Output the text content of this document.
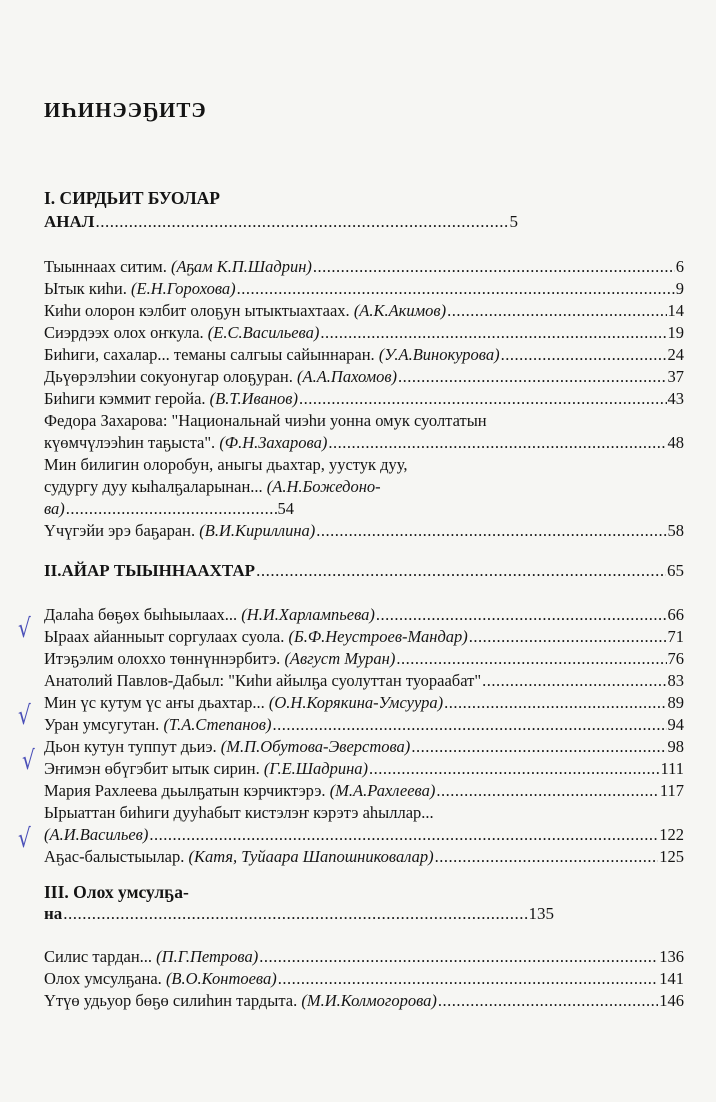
ИҺИНЭЭҔИТЭ
I. СИРДЬИТ БУОЛАР
АНАЛ .....	5
Тыыннаах ситим. (Аҕам К.П.Шадрин) .....	6
Ытык киһи. (Е.Н.Горохова) .....	9
Киһи олорон кэлбит олоҕун ытыктыахтаах. (А.К.Акимов) .....	14
Сиэрдээх олох оҥкула. (Е.С.Васильева) .....	19
Биһиги, сахалар... теманы салгыы сайыннаран. (У.А.Винокурова) .....	24
Дьүөрэлэһии сокуонугар олоҕуран. (А.А.Пахомов) .....	37
Биһиги кэммит геройа. (В.Т.Иванов) .....	43
Федора Захарова: "Национальнай чиэһи уонна омук суолтатын
күөмчүлээһин таҕыста". (Ф.Н.Захарова) .....	48
Мин билигин олоробун, аныгы дьахтар, уустук дуу,
судургу дуу кыһалҕаларынан... (А.Н.Божедоно-
ва) .....	54
Үчүгэйи эрэ баҕаран. (В.И.Кириллина) .....	58
II.АЙАР ТЫЫННААХТАР .....	65
Далаһа бөҕөх быһыылаах... (Н.И.Харлампьева) .....	66
Ыраах айанныыт соргулаах суола. (Б.Ф.Неустроев-Мандар) .....	71
Итэҕэлим олоххо төннүннэрбитэ. (Август Муран) .....	76
Анатолий Павлов-Дабыл: "Киһи айылҕа суолуттан туораабат" .....	83
Мин үс кутум үс аҥы дьахтар... (О.Н.Корякина-Умсуура) .....	89
Уран умсугутан. (Т.А.Степанов) .....	94
Дьон кутун туппут дьиэ. (М.П.Обутова-Эверстова) .....	98
Эҥимэн өбүгэбит ытык сирин. (Г.Е.Шадрина) .....	111
Мария Рахлеева дьылҕатын кэрчиктэрэ. (М.А.Рахлеева) .....	117
Ырыаттан биһиги дууһабыт кистэлэҥ кэрэтэ аһыллар...
(А.И.Васильев) .....	122
Аҕас-балыстыылар. (Катя, Туйаара Шапошниковалар) .....	125
√
√
√
√
III. Олох умсулҕа-
на .....	135
Силис тардан... (П.Г.Петрова) .....	136
Олох умсулҕана. (В.О.Контоева) .....	141
Үтүө удьуор бөҕө силиһин тардыта. (М.И.Колмогорова) .....	146
